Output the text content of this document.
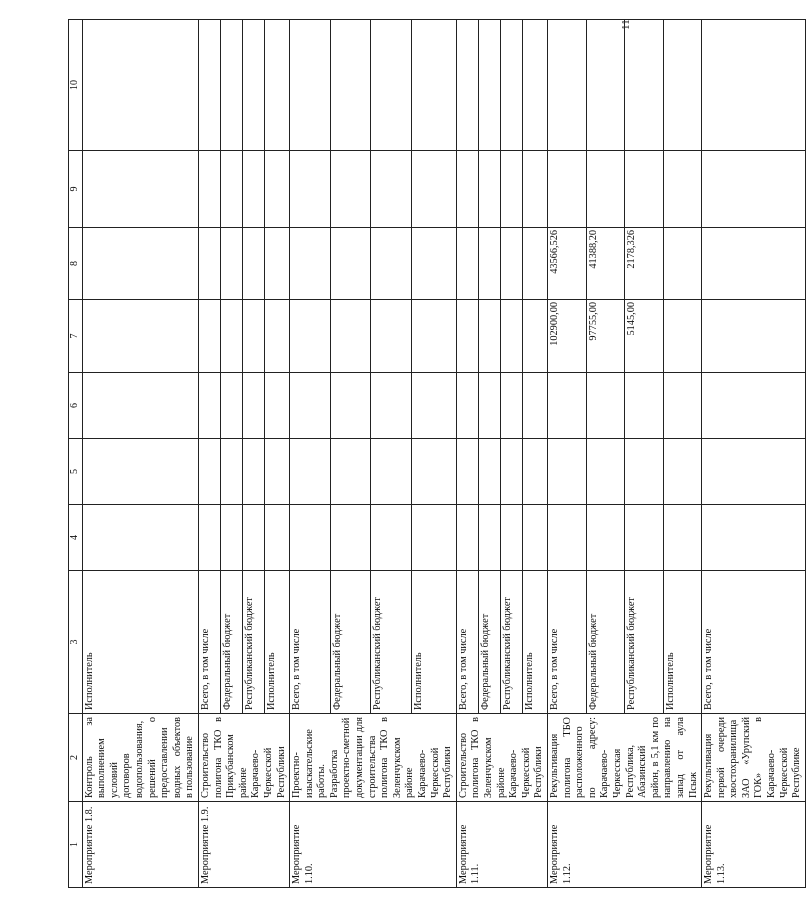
11
1	2	3	4	5	6	7	8	9	10
Мероприятие 1.8.	Контроль за выполнением условий договоров водопользования, решений о предоставлении водных объектов в пользование	Исполнитель							
Мероприятие 1.9.	Строительство полигона ТКО в Прикубанском районе Карачаево-Черкесской Республики	Всего, в том числе							
		Федеральный бюджет							
		Республиканский бюджет							
		Исполнитель							
Мероприятие 1.10.	Проектно-изыскательские работы. Разработка проектно-сметной документации для строительства полигона ТКО в Зеленчукском районе Карачаево-Черкесской Республики	Всего, в том числе							
		Федеральный бюджет							
		Республиканский бюджет							
		Исполнитель							
Мероприятие 1.11.	Строительство полигона ТКО в Зеленчукском районе Карачаево-Черкесской Республики	Всего, в том числе							
		Федеральный бюджет							
		Республиканский бюджет							
		Исполнитель							
Мероприятие 1.12.	Рекультивация полигона ТБО расположенного по адресу: Карачаево-Черкесская Республика, Абазинский район, в 5,1 км по направлению на запад от аула Псыж	Всего, в том числе				102900,00	43566,526		
		Федеральный бюджет				97755,00	41388,20		
		Республиканский бюджет				5145,00	2178,326		
		Исполнитель							
Мероприятие 1.13.	Рекультивация первой очереди хвостохранилища ЗАО «Урупский ГОК» в Карачаево-Черкесской Республике	Всего, в том числе							
